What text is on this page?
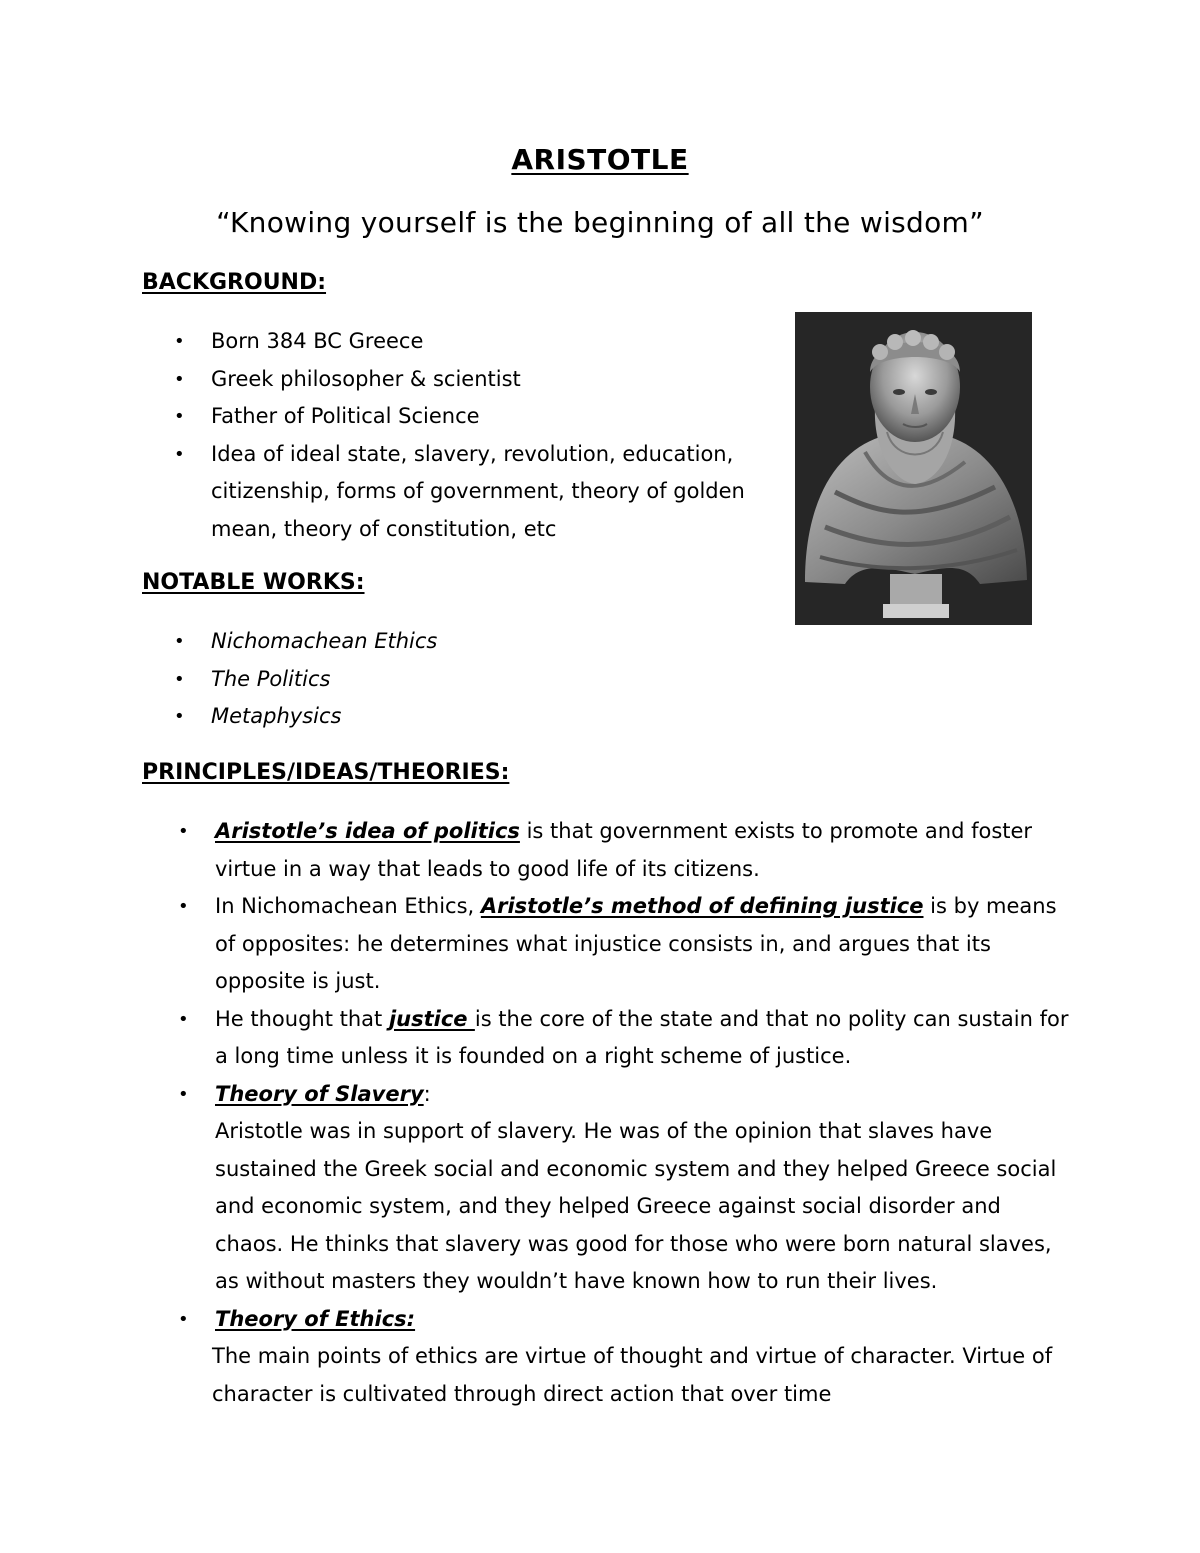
ARISTOTLE
“Knowing yourself is the beginning of all the wisdom”
BACKGROUND:
• Born 384 BC Greece
• Greek philosopher & scientist
• Father of Political Science
• Idea of ideal state, slavery, revolution, education, citizenship, forms of government, theory of golden mean, theory of constitution, etc
NOTABLE WORKS:
• Nichomachean Ethics
• The Politics
• Metaphysics
PRINCIPLES/IDEAS/THEORIES:
• Aristotle’s idea of politics is that government exists to promote and foster virtue in a way that leads to good life of its citizens.
• In Nichomachean Ethics, Aristotle’s method of defining justice is by means of opposites: he determines what injustice consists in, and argues that its opposite is just.
• He thought that justice is the core of the state and that no polity can sustain for a long time unless it is founded on a right scheme of justice.
• Theory of Slavery:
Aristotle was in support of slavery. He was of the opinion that slaves have sustained the Greek social and economic system and they helped Greece social and economic system, and they helped Greece against social disorder and chaos. He thinks that slavery was good for those who were born natural slaves, as without masters they wouldn’t have known how to run their lives.
• Theory of Ethics:
The main points of ethics are virtue of thought and virtue of character. Virtue of character is cultivated through direct action that over time
